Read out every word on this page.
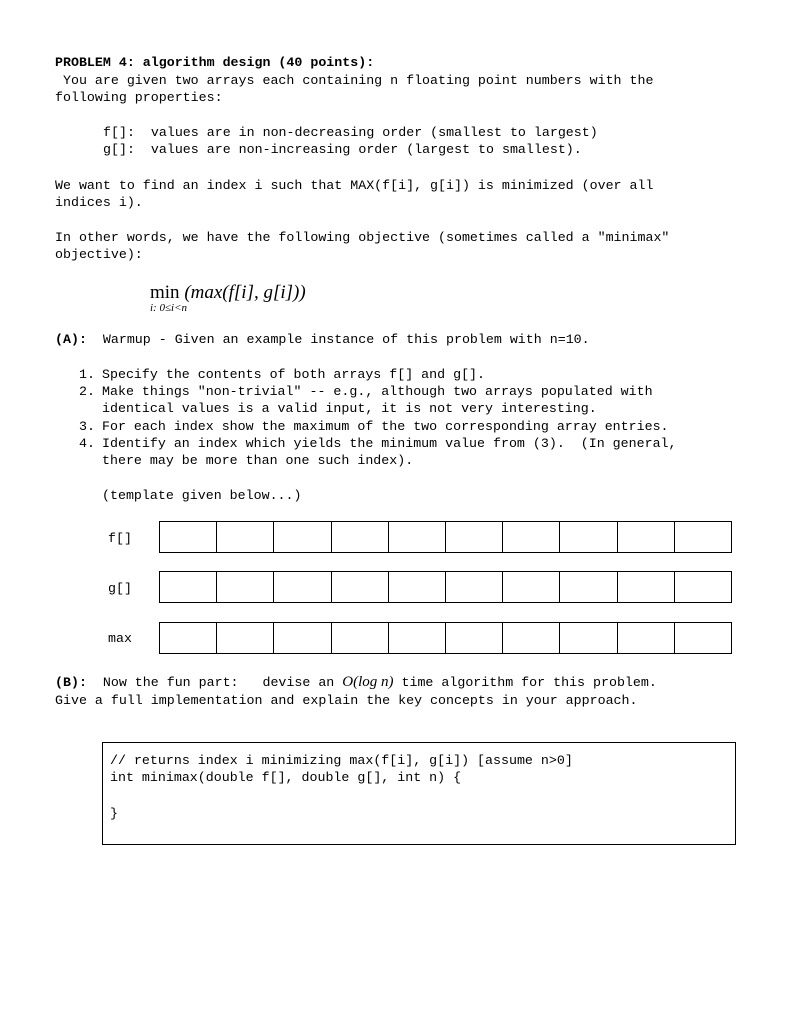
PROBLEM 4: algorithm design (40 points):
You are given two arrays each containing n floating point numbers with the
following properties:
f[]:  values are in non-decreasing order (smallest to largest)
g[]:  values are non-increasing order (largest to smallest).
We want to find an index i such that MAX(f[i], g[i]) is minimized (over all
indices i).
In other words, we have the following objective (sometimes called a "minimax"
objective):
min (max(f[i], g[i]))
i: 0≤i<n
(A):  Warmup - Given an example instance of this problem with n=10.
1. Specify the contents of both arrays f[] and g[].
2. Make things "non-trivial" -- e.g., although two arrays populated with
identical values is a valid input, it is not very interesting.
3. For each index show the maximum of the two corresponding array entries.
4. Identify an index which yields the minimum value from (3).  (In general,
there may be more than one such index).
(template given below...)
f[]
g[]
max
(B):  Now the fun part:   devise an O(log n) time algorithm for this problem.
Give a full implementation and explain the key concepts in your approach.
// returns index i minimizing max(f[i], g[i]) [assume n>0]
int minimax(double f[], double g[], int n) {
}
